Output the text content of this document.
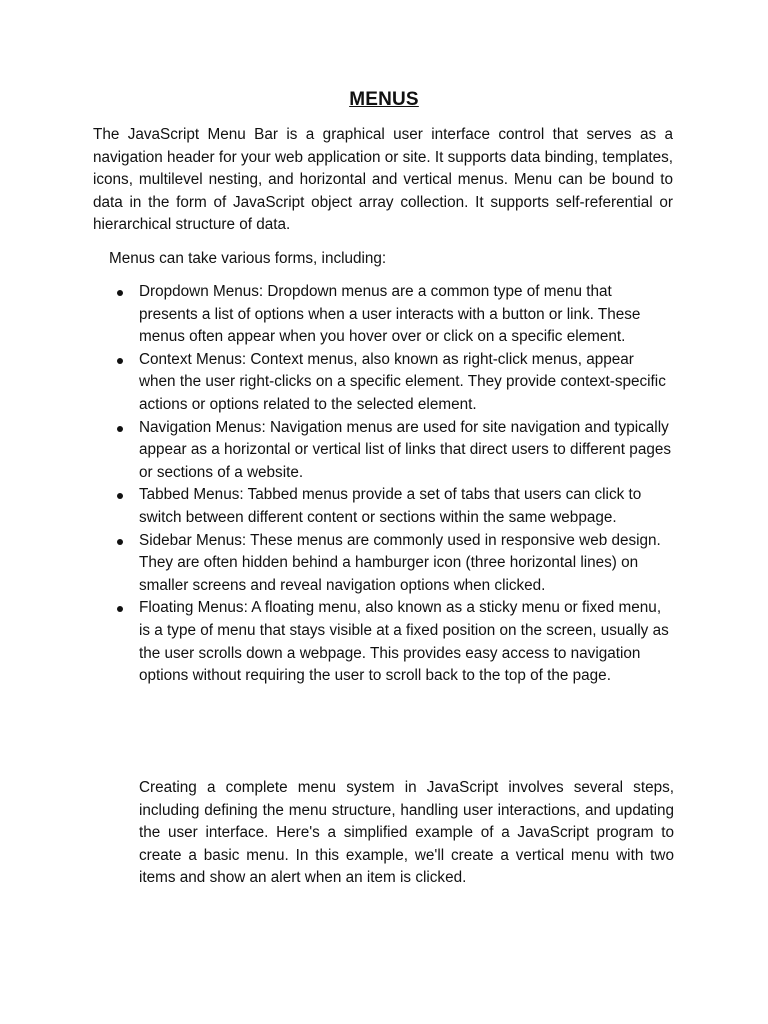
MENUS

The JavaScript Menu Bar is a graphical user interface control that serves as a navigation header for your web application or site. It supports data binding, templates, icons, multilevel nesting, and horizontal and vertical menus. Menu can be bound to data in the form of JavaScript object array collection. It supports self-referential or hierarchical structure of data.

Menus can take various forms, including:

Dropdown Menus: Dropdown menus are a common type of menu that presents a list of options when a user interacts with a button or link. These menus often appear when you hover over or click on a specific element.
Context Menus: Context menus, also known as right-click menus, appear when the user right-clicks on a specific element. They provide context-specific actions or options related to the selected element.
Navigation Menus: Navigation menus are used for site navigation and typically appear as a horizontal or vertical list of links that direct users to different pages or sections of a website.
Tabbed Menus: Tabbed menus provide a set of tabs that users can click to switch between different content or sections within the same webpage.
Sidebar Menus: These menus are commonly used in responsive web design. They are often hidden behind a hamburger icon (three horizontal lines) on smaller screens and reveal navigation options when clicked.
Floating Menus: A floating menu, also known as a sticky menu or fixed menu, is a type of menu that stays visible at a fixed position on the screen, usually as the user scrolls down a webpage. This provides easy access to navigation options without requiring the user to scroll back to the top of the page.

Creating a complete menu system in JavaScript involves several steps, including defining the menu structure, handling user interactions, and updating the user interface. Here's a simplified example of a JavaScript program to create a basic menu. In this example, we'll create a vertical menu with two items and show an alert when an item is clicked.
